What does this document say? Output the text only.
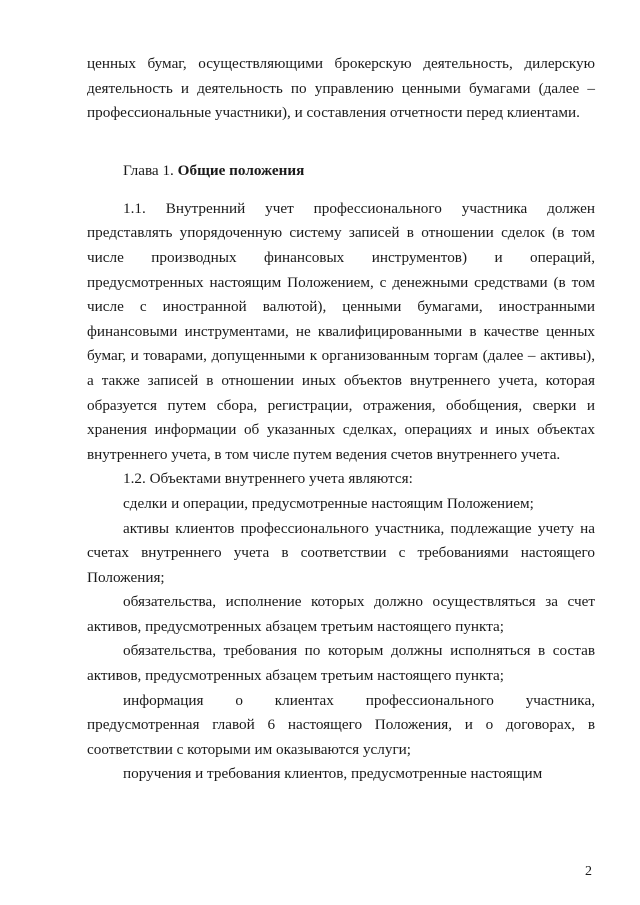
ценных бумаг, осуществляющими брокерскую деятельность, дилерскую деятельность и деятельность по управлению ценными бумагами (далее – профессиональные участники), и составления отчетности перед клиентами.

Глава 1. Общие положения

1.1. Внутренний учет профессионального участника должен представлять упорядоченную систему записей в отношении сделок (в том числе производных финансовых инструментов) и операций, предусмотренных настоящим Положением, с денежными средствами (в том числе с иностранной валютой), ценными бумагами, иностранными финансовыми инструментами, не квалифицированными в качестве ценных бумаг, и товарами, допущенными к организованным торгам (далее – активы), а также записей в отношении иных объектов внутреннего учета, которая образуется путем сбора, регистрации, отражения, обобщения, сверки и хранения информации об указанных сделках, операциях и иных объектах внутреннего учета, в том числе путем ведения счетов внутреннего учета.

1.2. Объектами внутреннего учета являются:

сделки и операции, предусмотренные настоящим Положением;

активы клиентов профессионального участника, подлежащие учету на счетах внутреннего учета в соответствии с требованиями настоящего Положения;

обязательства, исполнение которых должно осуществляться за счет активов, предусмотренных абзацем третьим настоящего пункта;

обязательства, требования по которым должны исполняться в состав активов, предусмотренных абзацем третьим настоящего пункта;

информация о клиентах профессионального участника, предусмотренная главой 6 настоящего Положения, и о договорах, в соответствии с которыми им оказываются услуги;

поручения и требования клиентов, предусмотренные настоящим

2
